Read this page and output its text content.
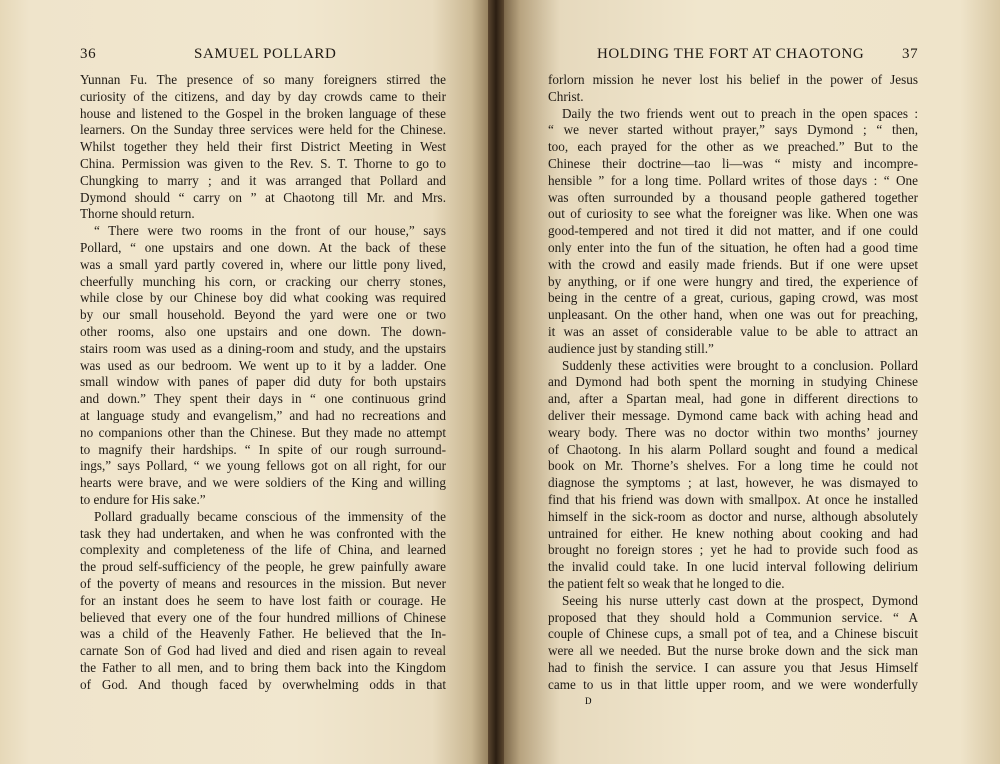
36	SAMUEL POLLARD
Yunnan Fu. The presence of so many foreigners stirred the
curiosity of the citizens, and day by day crowds came to their
house and listened to the Gospel in the broken language of these
learners. On the Sunday three services were held for the Chinese.
Whilst together they held their first District Meeting in West
China. Permission was given to the Rev. S. T. Thorne to go to
Chungking to marry ; and it was arranged that Pollard and
Dymond should “ carry on ” at Chaotong till Mr. and Mrs.
Thorne should return.
“ There were two rooms in the front of our house,” says
Pollard, “ one upstairs and one down. At the back of these
was a small yard partly covered in, where our little pony lived,
cheerfully munching his corn, or cracking our cherry stones,
while close by our Chinese boy did what cooking was required
by our small household. Beyond the yard were one or two
other rooms, also one upstairs and one down. The down-
stairs room was used as a dining-room and study, and the upstairs
was used as our bedroom. We went up to it by a ladder. One
small window with panes of paper did duty for both upstairs
and down.” They spent their days in “ one continuous grind
at language study and evangelism,” and had no recreations and
no companions other than the Chinese. But they made no attempt
to magnify their hardships. “ In spite of our rough surround-
ings,” says Pollard, “ we young fellows got on all right, for our
hearts were brave, and we were soldiers of the King and willing
to endure for His sake.”
Pollard gradually became conscious of the immensity of the
task they had undertaken, and when he was confronted with the
complexity and completeness of the life of China, and learned
the proud self-sufficiency of the people, he grew painfully aware
of the poverty of means and resources in the mission. But never
for an instant does he seem to have lost faith or courage. He
believed that every one of the four hundred millions of Chinese
was a child of the Heavenly Father. He believed that the In-
carnate Son of God had lived and died and risen again to reveal
the Father to all men, and to bring them back into the Kingdom
of God. And though faced by overwhelming odds in that
HOLDING THE FORT AT CHAOTONG	37
forlorn mission he never lost his belief in the power of Jesus
Christ.
Daily the two friends went out to preach in the open spaces :
“ we never started without prayer,” says Dymond ; “ then,
too, each prayed for the other as we preached.” But to the
Chinese their doctrine—tao li—was “ misty and incompre-
hensible ” for a long time. Pollard writes of those days : “ One
was often surrounded by a thousand people gathered together
out of curiosity to see what the foreigner was like. When one was
good-tempered and not tired it did not matter, and if one could
only enter into the fun of the situation, he often had a good time
with the crowd and easily made friends. But if one were upset
by anything, or if one were hungry and tired, the experience of
being in the centre of a great, curious, gaping crowd, was most
unpleasant. On the other hand, when one was out for preaching,
it was an asset of considerable value to be able to attract an
audience just by standing still.”
Suddenly these activities were brought to a conclusion. Pollard
and Dymond had both spent the morning in studying Chinese
and, after a Spartan meal, had gone in different directions to
deliver their message. Dymond came back with aching head and
weary body. There was no doctor within two months’ journey
of Chaotong. In his alarm Pollard sought and found a medical
book on Mr. Thorne’s shelves. For a long time he could not
diagnose the symptoms ; at last, however, he was dismayed to
find that his friend was down with smallpox. At once he installed
himself in the sick-room as doctor and nurse, although absolutely
untrained for either. He knew nothing about cooking and had
brought no foreign stores ; yet he had to provide such food as
the invalid could take. In one lucid interval following delirium
the patient felt so weak that he longed to die.
Seeing his nurse utterly cast down at the prospect, Dymond
proposed that they should hold a Communion service. “ A
couple of Chinese cups, a small pot of tea, and a Chinese biscuit
were all we needed. But the nurse broke down and the sick man
had to finish the service. I can assure you that Jesus Himself
came to us in that little upper room, and we were wonderfully
D
